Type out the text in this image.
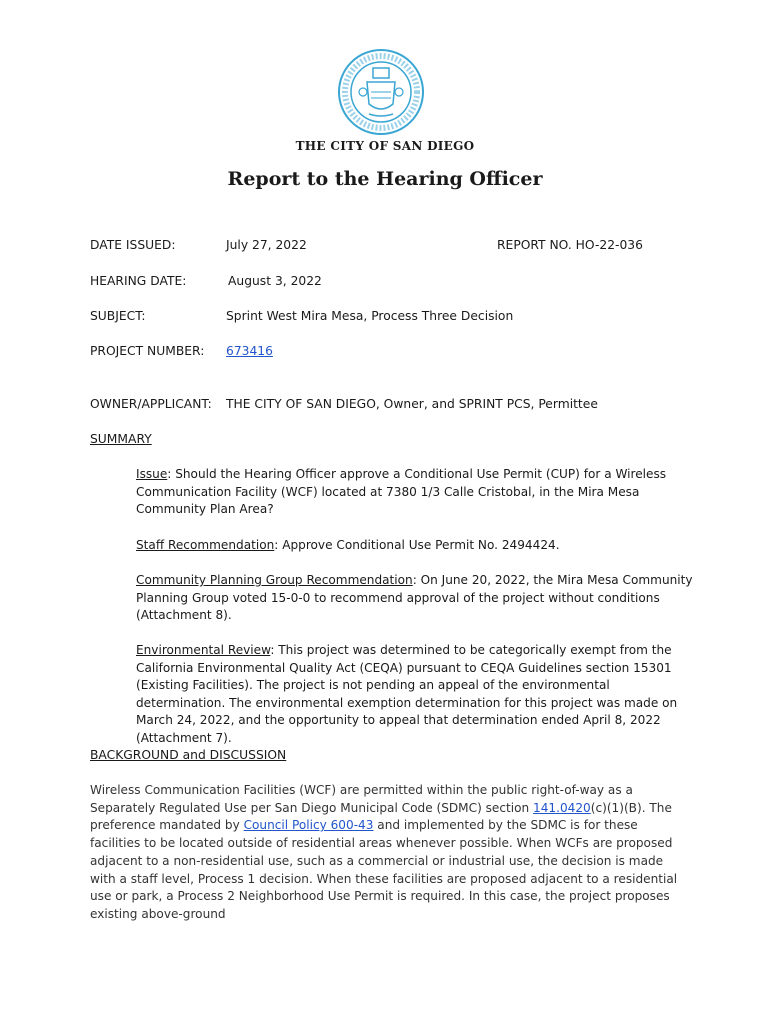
THE CITY OF SAN DIEGO
Report to the Hearing Officer
DATE ISSUED:	July 27, 2022	REPORT NO. HO-22-036
HEARING DATE:	August 3, 2022
SUBJECT:	Sprint West Mira Mesa, Process Three Decision
PROJECT NUMBER: 673416
OWNER/APPLICANT: THE CITY OF SAN DIEGO, Owner, and SPRINT PCS, Permittee
SUMMARY
Issue: Should the Hearing Officer approve a Conditional Use Permit (CUP) for a Wireless Communication Facility (WCF) located at 7380 1/3 Calle Cristobal, in the Mira Mesa Community Plan Area?
Staff Recommendation: Approve Conditional Use Permit No. 2494424.
Community Planning Group Recommendation: On June 20, 2022, the Mira Mesa Community Planning Group voted 15-0-0 to recommend approval of the project without conditions (Attachment 8).
Environmental Review: This project was determined to be categorically exempt from the California Environmental Quality Act (CEQA) pursuant to CEQA Guidelines section 15301 (Existing Facilities). The project is not pending an appeal of the environmental determination. The environmental exemption determination for this project was made on March 24, 2022, and the opportunity to appeal that determination ended April 8, 2022 (Attachment 7).
BACKGROUND and DISCUSSION
Wireless Communication Facilities (WCF) are permitted within the public right-of-way as a Separately Regulated Use per San Diego Municipal Code (SDMC) section 141.0420(c)(1)(B). The preference mandated by Council Policy 600-43 and implemented by the SDMC is for these facilities to be located outside of residential areas whenever possible. When WCFs are proposed adjacent to a non-residential use, such as a commercial or industrial use, the decision is made with a staff level, Process 1 decision. When these facilities are proposed adjacent to a residential use or park, a Process 2 Neighborhood Use Permit is required. In this case, the project proposes existing above-ground
